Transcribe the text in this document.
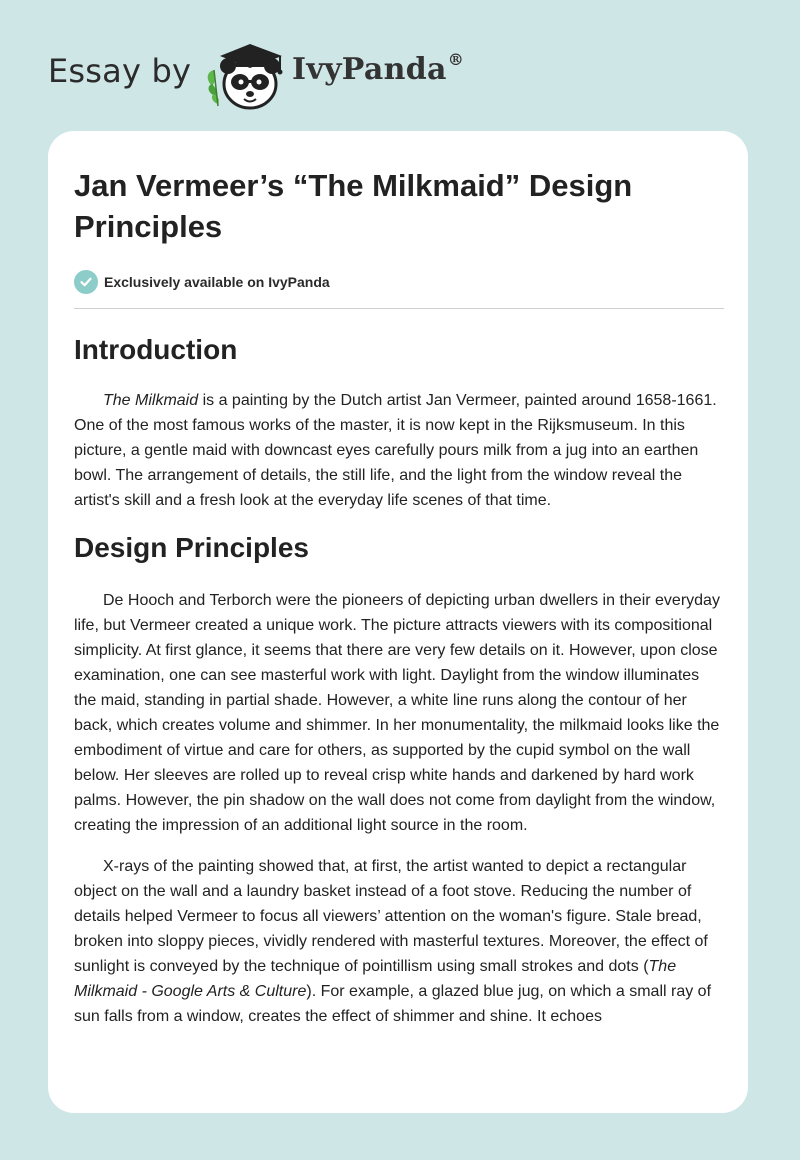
Essay by	IvyPanda®
Jan Vermeer’s “The Milkmaid” Design Principles
Exclusively available on IvyPanda
Introduction

The Milkmaid is a painting by the Dutch artist Jan Vermeer, painted around 1658-1661. One of the most famous works of the master, it is now kept in the Rijksmuseum. In this picture, a gentle maid with downcast eyes carefully pours milk from a jug into an earthen bowl. The arrangement of details, the still life, and the light from the window reveal the artist's skill and a fresh look at the everyday life scenes of that time.

Design Principles

De Hooch and Terborch were the pioneers of depicting urban dwellers in their everyday life, but Vermeer created a unique work. The picture attracts viewers with its compositional simplicity. At first glance, it seems that there are very few details on it. However, upon close examination, one can see masterful work with light. Daylight from the window illuminates the maid, standing in partial shade. However, a white line runs along the contour of her back, which creates volume and shimmer. In her monumentality, the milkmaid looks like the embodiment of virtue and care for others, as supported by the cupid symbol on the wall below. Her sleeves are rolled up to reveal crisp white hands and darkened by hard work palms. However, the pin shadow on the wall does not come from daylight from the window, creating the impression of an additional light source in the room.

X-rays of the painting showed that, at first, the artist wanted to depict a rectangular object on the wall and a laundry basket instead of a foot stove. Reducing the number of details helped Vermeer to focus all viewers’ attention on the woman's figure. Stale bread, broken into sloppy pieces, vividly rendered with masterful textures. Moreover, the effect of sunlight is conveyed by the technique of pointillism using small strokes and dots (The Milkmaid - Google Arts & Culture). For example, a glazed blue jug, on which a small ray of sun falls from a window, creates the effect of shimmer and shine. It echoes
